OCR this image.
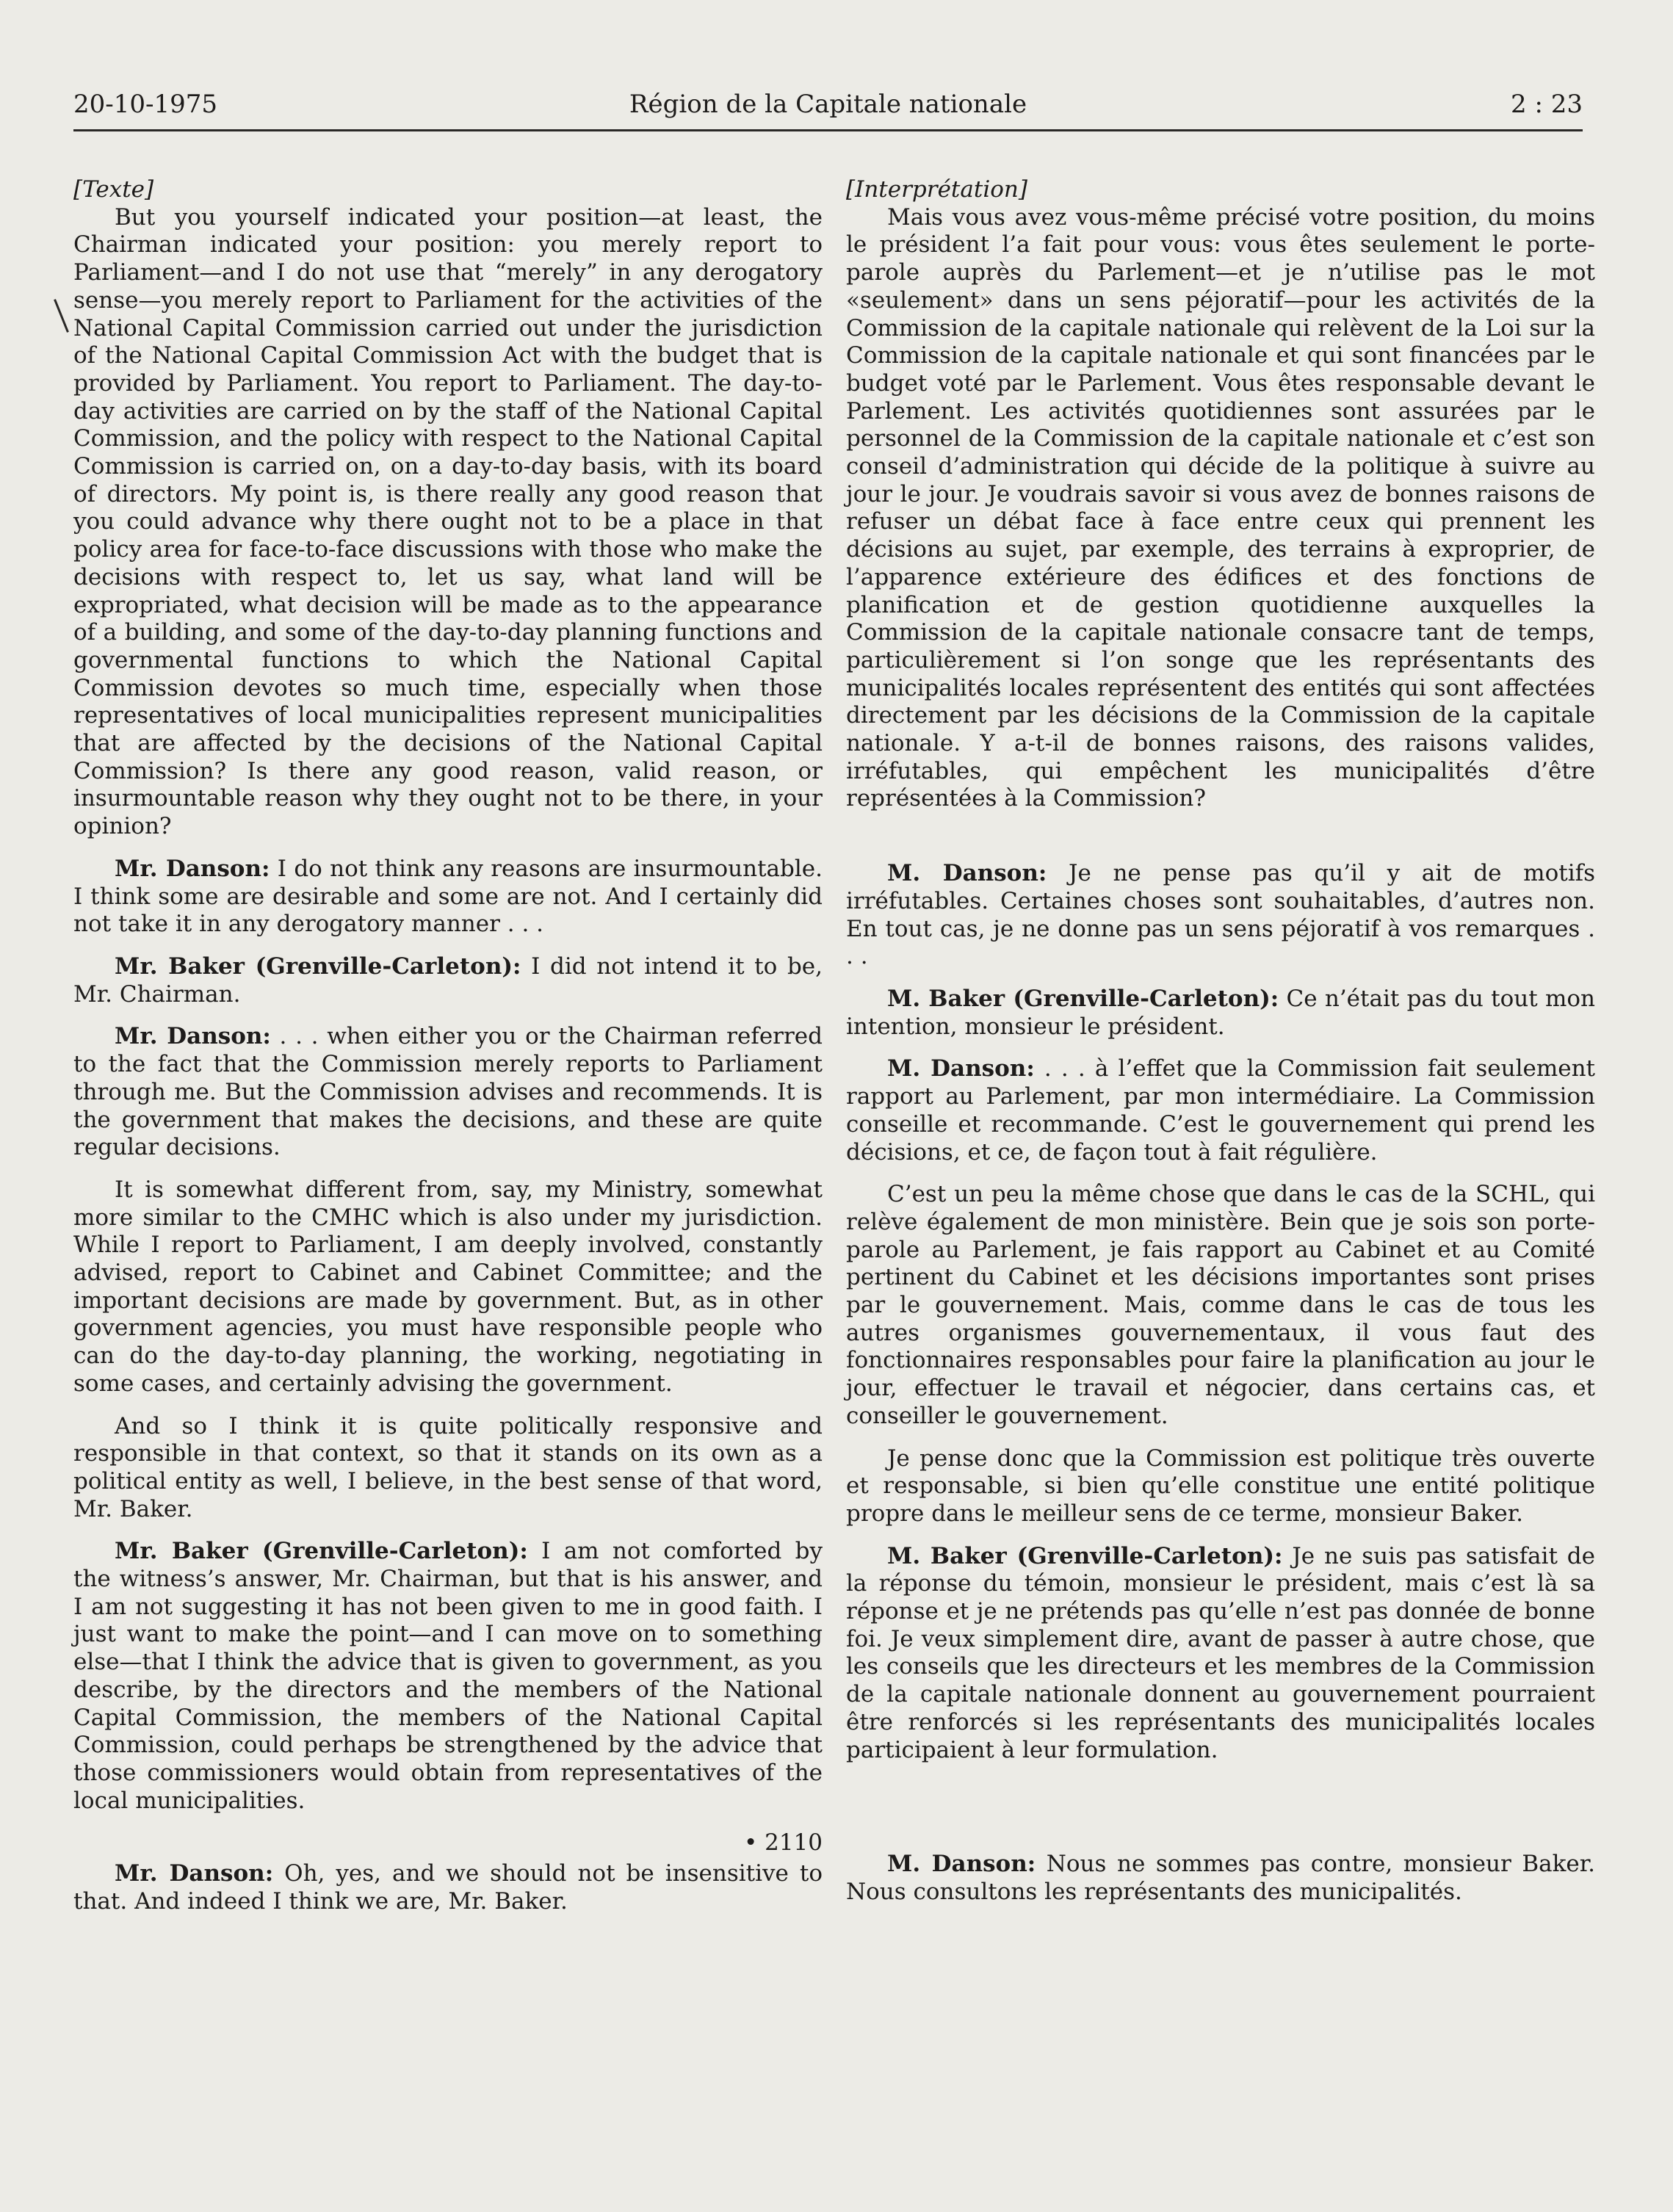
20-10-1975	Région de la Capitale nationale	2 : 23

[Texte]

But you yourself indicated your position—at least, the Chairman indicated your position: you merely report to Parliament—and I do not use that “merely” in any derogatory sense—you merely report to Parliament for the activities of the National Capital Commission carried out under the jurisdiction of the National Capital Commission Act with the budget that is provided by Parliament. You report to Parliament. The day-to-day activities are carried on by the staff of the National Capital Commission, and the policy with respect to the National Capital Commission is carried on, on a day-to-day basis, with its board of directors. My point is, is there really any good reason that you could advance why there ought not to be a place in that policy area for face-to-face discussions with those who make the decisions with respect to, let us say, what land will be expropriated, what decision will be made as to the appearance of a building, and some of the day-to-day planning functions and governmental functions to which the National Capital Commission devotes so much time, especially when those representatives of local municipalities represent municipalities that are affected by the decisions of the National Capital Commission? Is there any good reason, valid reason, or insurmountable reason why they ought not to be there, in your opinion?

Mr. Danson: I do not think any reasons are insurmountable. I think some are desirable and some are not. And I certainly did not take it in any derogatory manner . . .

Mr. Baker (Grenville-Carleton): I did not intend it to be, Mr. Chairman.

Mr. Danson: . . . when either you or the Chairman referred to the fact that the Commission merely reports to Parliament through me. But the Commission advises and recommends. It is the government that makes the decisions, and these are quite regular decisions.

It is somewhat different from, say, my Ministry, somewhat more similar to the CMHC which is also under my jurisdiction. While I report to Parliament, I am deeply involved, constantly advised, report to Cabinet and Cabinet Committee; and the important decisions are made by government. But, as in other government agencies, you must have responsible people who can do the day-to-day planning, the working, negotiating in some cases, and certainly advising the government.

And so I think it is quite politically responsive and responsible in that context, so that it stands on its own as a political entity as well, I believe, in the best sense of that word, Mr. Baker.

Mr. Baker (Grenville-Carleton): I am not comforted by the witness’s answer, Mr. Chairman, but that is his answer, and I am not suggesting it has not been given to me in good faith. I just want to make the point—and I can move on to something else—that I think the advice that is given to government, as you describe, by the directors and the members of the National Capital Commission, the members of the National Capital Commission, could perhaps be strengthened by the advice that those commissioners would obtain from representatives of the local municipalities.

• 2110

Mr. Danson: Oh, yes, and we should not be insensitive to that. And indeed I think we are, Mr. Baker.

[Interprétation]

Mais vous avez vous-même précisé votre position, du moins le président l’a fait pour vous: vous êtes seulement le porte-parole auprès du Parlement—et je n’utilise pas le mot «seulement» dans un sens péjoratif—pour les activités de la Commission de la capitale nationale qui relèvent de la Loi sur la Commission de la capitale nationale et qui sont financées par le budget voté par le Parlement. Vous êtes responsable devant le Parlement. Les activités quotidiennes sont assurées par le personnel de la Commission de la capitale nationale et c’est son conseil d’administration qui décide de la politique à suivre au jour le jour. Je voudrais savoir si vous avez de bonnes raisons de refuser un débat face à face entre ceux qui prennent les décisions au sujet, par exemple, des terrains à exproprier, de l’apparence extérieure des édifices et des fonctions de planification et de gestion quotidienne auxquelles la Commission de la capitale nationale consacre tant de temps, particulièrement si l’on songe que les représentants des municipalités locales représentent des entités qui sont affectées directement par les décisions de la Commission de la capitale nationale. Y a-t-il de bonnes raisons, des raisons valides, irréfutables, qui empêchent les municipalités d’être représentées à la Commission?

M. Danson: Je ne pense pas qu’il y ait de motifs irréfutables. Certaines choses sont souhaitables, d’autres non. En tout cas, je ne donne pas un sens péjoratif à vos remarques . . .

M. Baker (Grenville-Carleton): Ce n’était pas du tout mon intention, monsieur le président.

M. Danson: . . . à l’effet que la Commission fait seulement rapport au Parlement, par mon intermédiaire. La Commission conseille et recommande. C’est le gouvernement qui prend les décisions, et ce, de façon tout à fait régulière.

C’est un peu la même chose que dans le cas de la SCHL, qui relève également de mon ministère. Bein que je sois son porte-parole au Parlement, je fais rapport au Cabinet et au Comité pertinent du Cabinet et les décisions importantes sont prises par le gouvernement. Mais, comme dans le cas de tous les autres organismes gouvernementaux, il vous faut des fonctionnaires responsables pour faire la planification au jour le jour, effectuer le travail et négocier, dans certains cas, et conseiller le gouvernement.

Je pense donc que la Commission est politique très ouverte et responsable, si bien qu’elle constitue une entité politique propre dans le meilleur sens de ce terme, monsieur Baker.

M. Baker (Grenville-Carleton): Je ne suis pas satisfait de la réponse du témoin, monsieur le président, mais c’est là sa réponse et je ne prétends pas qu’elle n’est pas donnée de bonne foi. Je veux simplement dire, avant de passer à autre chose, que les conseils que les directeurs et les membres de la Commission de la capitale nationale donnent au gouvernement pourraient être renforcés si les représentants des municipalités locales participaient à leur formulation.

M. Danson: Nous ne sommes pas contre, monsieur Baker. Nous consultons les représentants des municipalités.
